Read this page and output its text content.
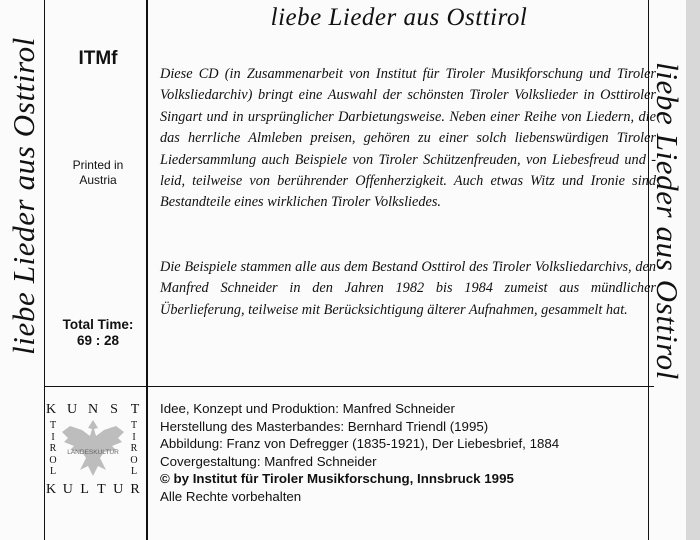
liebe Lieder aus Osttirol	liebe Lieder aus Osttirol
liebe Lieder aus Osttirol
ITMf
Printed in
Austria
Total Time:
69 : 28

Diese CD (in Zusammenarbeit von Institut für Tiroler Musikforschung und Tiroler Volksliedarchiv) bringt eine Auswahl der schönsten Tiroler Volkslieder in Osttiroler Singart und in ursprünglicher Darbietungsweise. Neben einer Reihe von Liedern, die das herrliche Almleben preisen, gehören zu einer solch liebenswürdigen Tiroler Liedersammlung auch Beispiele von Tiroler Schützenfreuden, von Liebesfreud und -leid, teilweise von berührender Offenherzigkeit. Auch etwas Witz und Ironie sind Bestandteile eines wirklichen Tiroler Volksliedes.

Die Beispiele stammen alle aus dem Bestand Osttirol des Tiroler Volksliedarchivs, den Manfred Schneider in den Jahren 1982 bis 1984 zumeist aus mündlicher Überlieferung, teilweise mit Berücksichtigung älterer Aufnahmen, gesammelt hat.

Idee, Konzept und Produktion: Manfred Schneider
Herstellung des Masterbandes: Bernhard Triendl (1995)
Abbildung: Franz von Defregger (1835-1921), Der Liebesbrief, 1884
Covergestaltung: Manfred Schneider
© by Institut für Tiroler Musikforschung, Innsbruck 1995
Alle Rechte vorbehalten
K U N S T
T
I
R
O
L
T
I
R
O
L
LANDESKULTUR
K U L T U R
